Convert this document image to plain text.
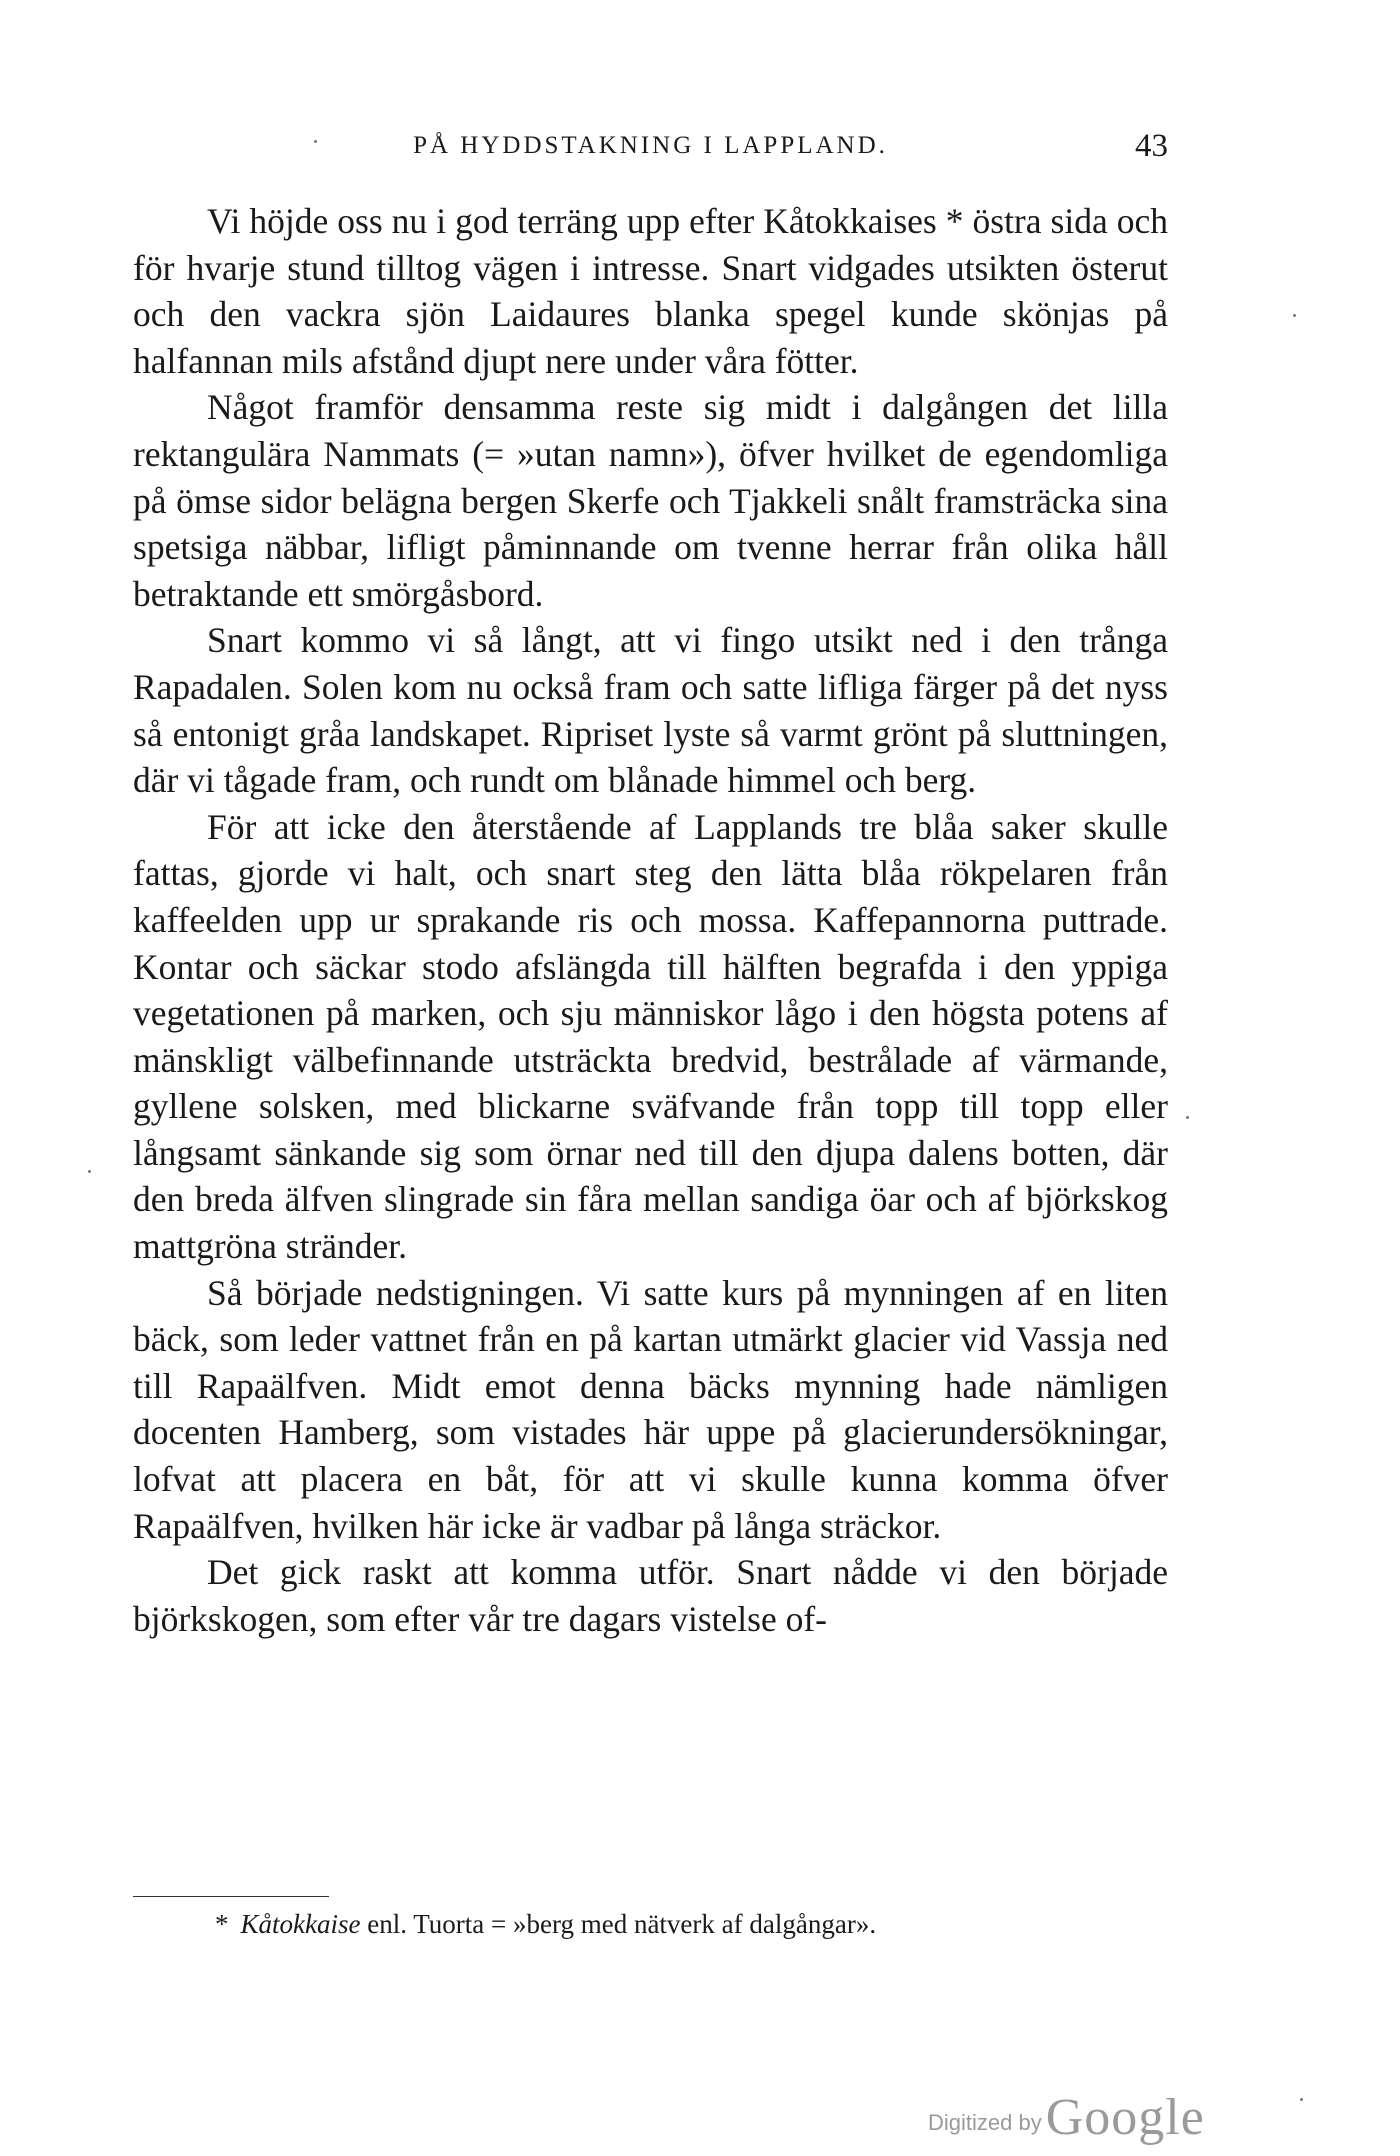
PÅ HYDDSTAKNING I LAPPLAND.	43

Vi höjde oss nu i god terräng upp efter Kåtokkaises * östra sida och för hvarje stund tilltog vägen i intresse. Snart vidgades utsikten österut och den vackra sjön Laidaures blanka spegel kunde skönjas på halfannan mils afstånd djupt nere under våra fötter.

Något framför densamma reste sig midt i dalgången det lilla rektangulära Nammats (= »utan namn»), öfver hvilket de egendomliga på ömse sidor belägna bergen Skerfe och Tjakkeli snålt framsträcka sina spetsiga näbbar, lifligt påminnande om tvenne herrar från olika håll betraktande ett smörgåsbord.

Snart kommo vi så långt, att vi fingo utsikt ned i den trånga Rapadalen. Solen kom nu också fram och satte lifliga färger på det nyss så entonigt gråa landskapet. Ripriset lyste så varmt grönt på sluttningen, där vi tågade fram, och rundt om blånade himmel och berg.

För att icke den återstående af Lapplands tre blåa saker skulle fattas, gjorde vi halt, och snart steg den lätta blåa rökpelaren från kaffeelden upp ur sprakande ris och mossa. Kaffepannorna puttrade. Kontar och säckar stodo afslängda till hälften begrafda i den yppiga vegetationen på marken, och sju människor lågo i den högsta potens af mänskligt välbefinnande utsträckta bredvid, bestrålade af värmande, gyllene solsken, med blickarne sväfvande från topp till topp eller långsamt sänkande sig som örnar ned till den djupa dalens botten, där den breda älfven slingrade sin fåra mellan sandiga öar och af björkskog mattgröna stränder.

Så började nedstigningen. Vi satte kurs på mynningen af en liten bäck, som leder vattnet från en på kartan utmärkt glacier vid Vassja ned till Rapaälfven. Midt emot denna bäcks mynning hade nämligen docenten Hamberg, som vistades här uppe på glacierundersökningar, lofvat att placera en båt, för att vi skulle kunna komma öfver Rapaälfven, hvilken här icke är vadbar på långa sträckor.

Det gick raskt att komma utför. Snart nådde vi den började björkskogen, som efter vår tre dagars vistelse of-

* Kåtokkaise enl. Tuorta = »berg med nätverk af dalgångar».
Digitized by Google
